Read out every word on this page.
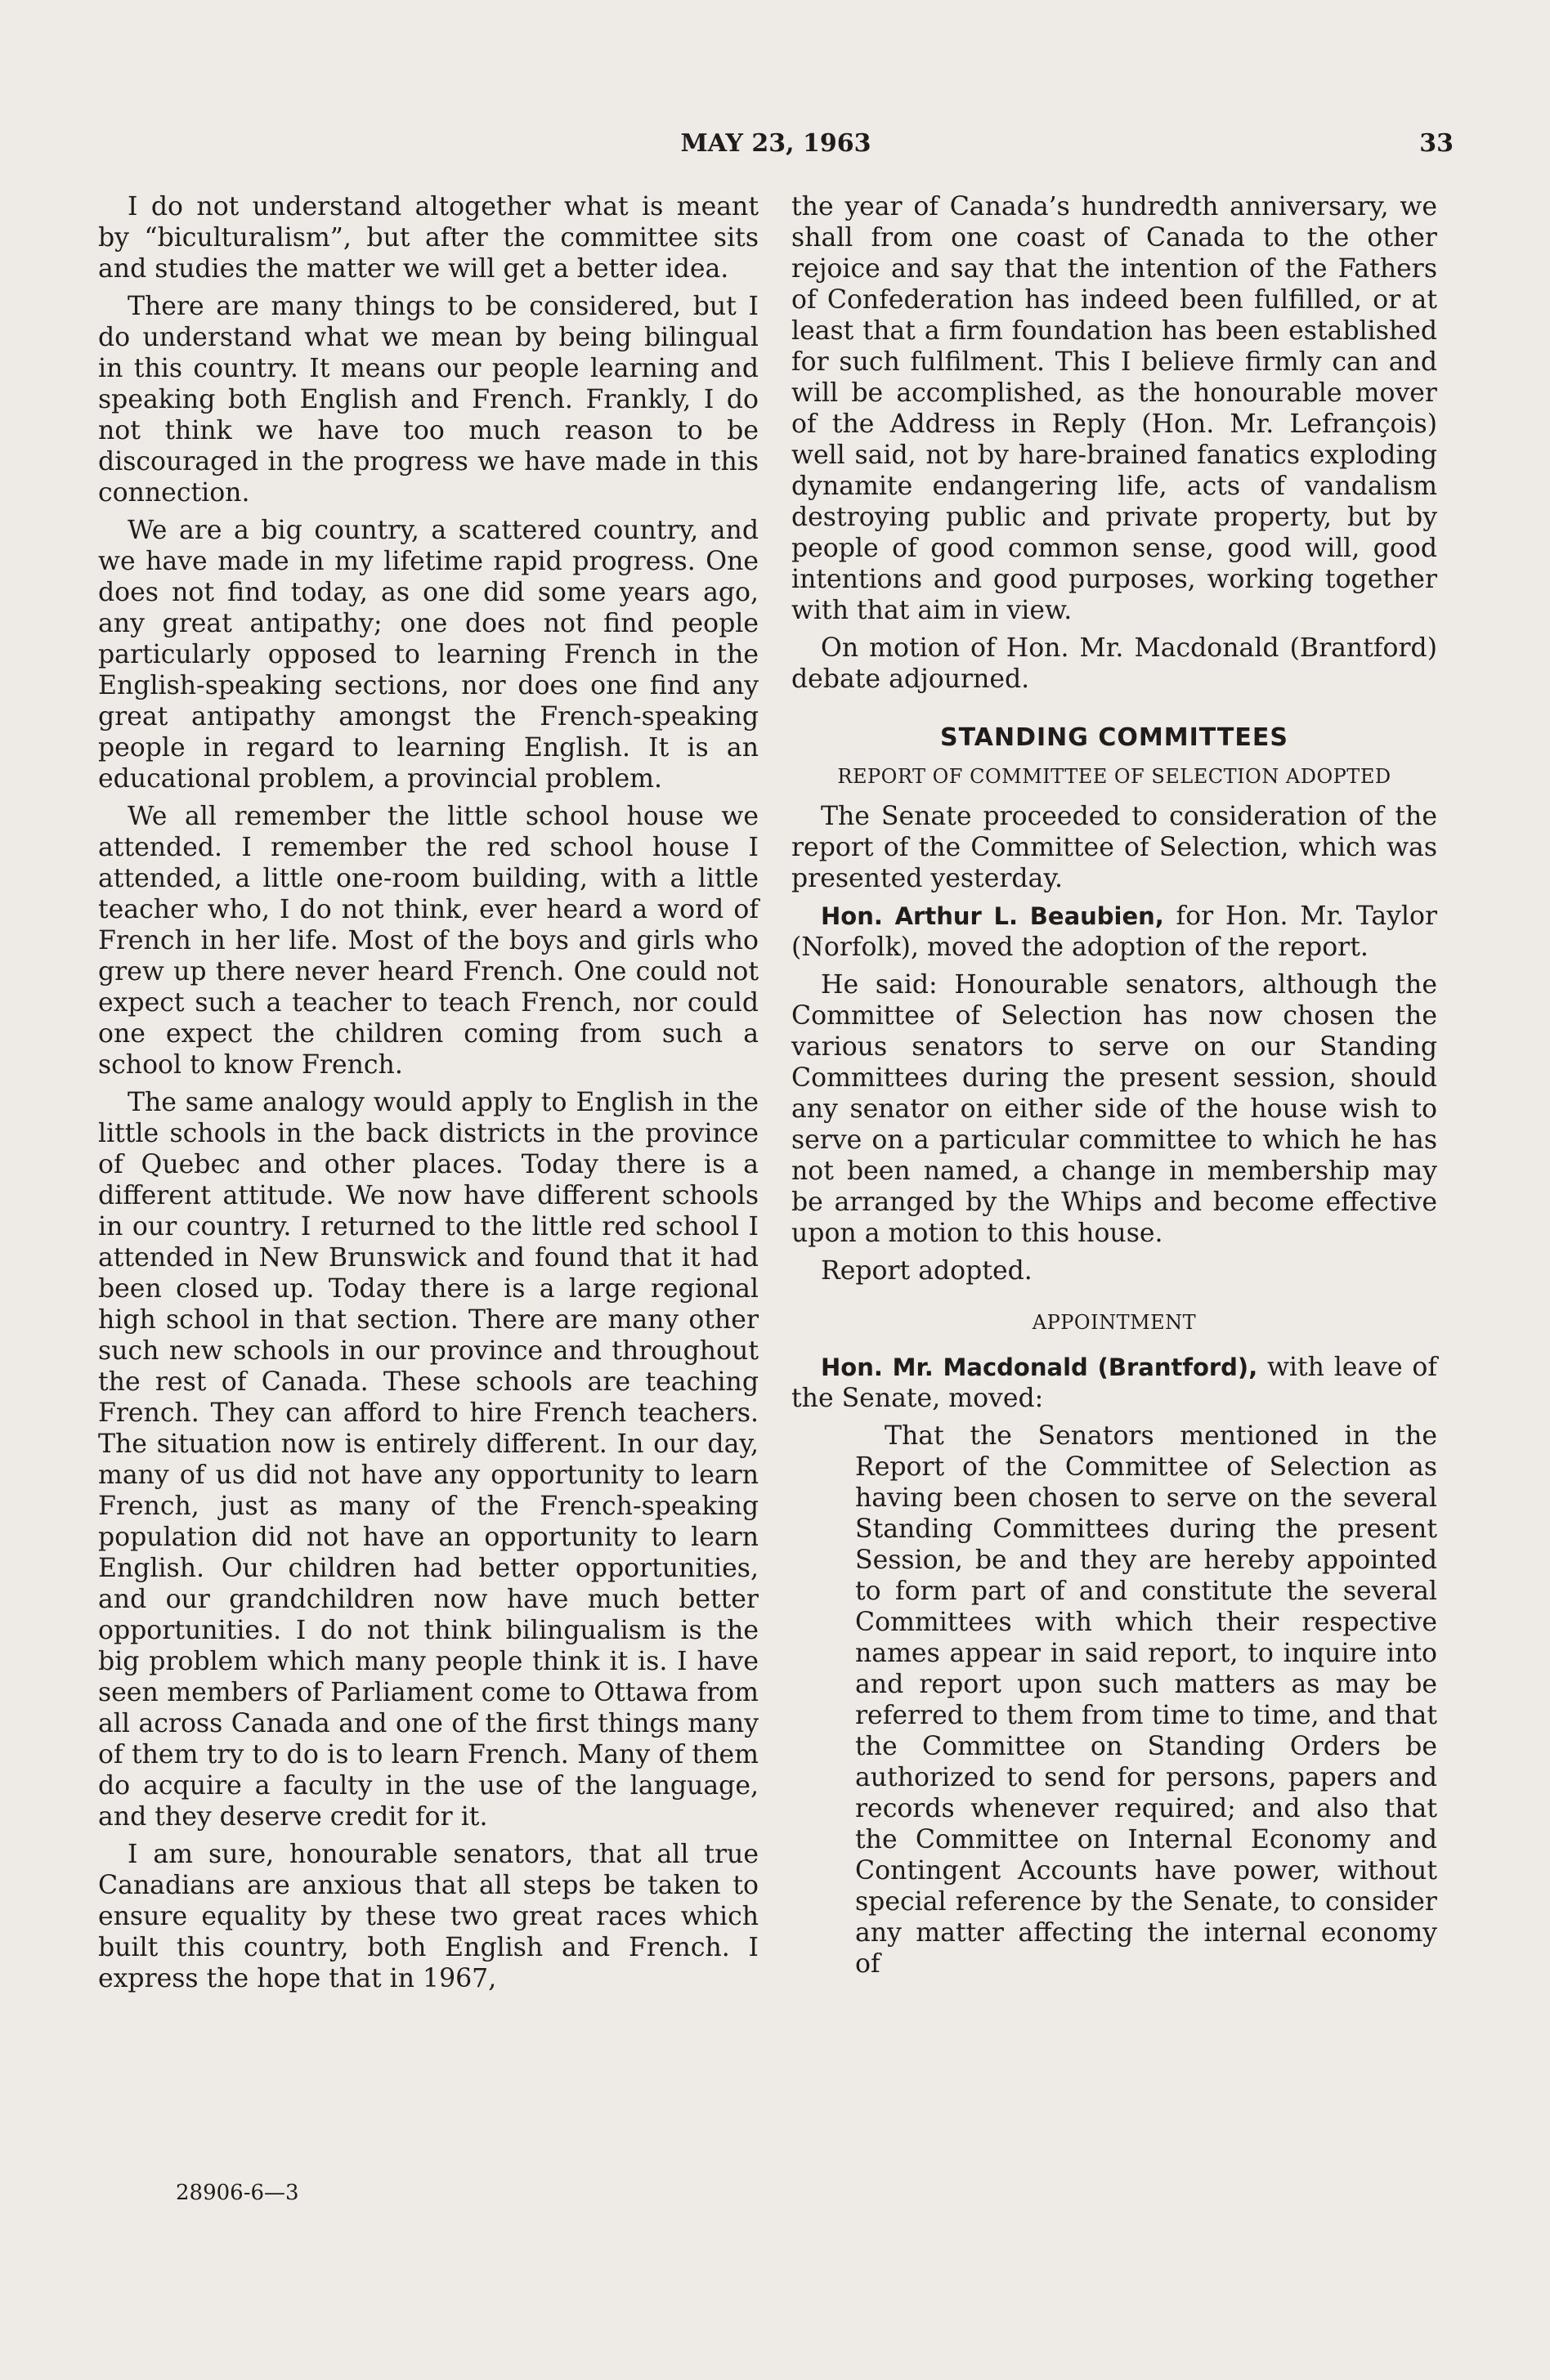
MAY 23, 1963	33

I do not understand altogether what is meant by “biculturalism”, but after the committee sits and studies the matter we will get a better idea.

There are many things to be considered, but I do understand what we mean by being bilingual in this country. It means our people learning and speaking both English and French. Frankly, I do not think we have too much reason to be discouraged in the progress we have made in this connection.

We are a big country, a scattered country, and we have made in my lifetime rapid progress. One does not find today, as one did some years ago, any great antipathy; one does not find people particularly opposed to learning French in the English-speaking sections, nor does one find any great antipathy amongst the French-speaking people in regard to learning English. It is an educational problem, a provincial problem.

We all remember the little school house we attended. I remember the red school house I attended, a little one-room building, with a little teacher who, I do not think, ever heard a word of French in her life. Most of the boys and girls who grew up there never heard French. One could not expect such a teacher to teach French, nor could one expect the children coming from such a school to know French.

The same analogy would apply to English in the little schools in the back districts in the province of Quebec and other places. Today there is a different attitude. We now have different schools in our country. I returned to the little red school I attended in New Brunswick and found that it had been closed up. Today there is a large regional high school in that section. There are many other such new schools in our province and throughout the rest of Canada. These schools are teaching French. They can afford to hire French teachers. The situation now is entirely different. In our day, many of us did not have any opportunity to learn French, just as many of the French-speaking population did not have an opportunity to learn English. Our children had better opportunities, and our grandchildren now have much better opportunities. I do not think bilingualism is the big problem which many people think it is. I have seen members of Parliament come to Ottawa from all across Canada and one of the first things many of them try to do is to learn French. Many of them do acquire a faculty in the use of the language, and they deserve credit for it.

I am sure, honourable senators, that all true Canadians are anxious that all steps be taken to ensure equality by these two great races which built this country, both English and French. I express the hope that in 1967,

the year of Canada’s hundredth anniversary, we shall from one coast of Canada to the other rejoice and say that the intention of the Fathers of Confederation has indeed been fulfilled, or at least that a firm foundation has been established for such fulfilment. This I believe firmly can and will be accomplished, as the honourable mover of the Address in Reply (Hon. Mr. Lefrançois) well said, not by hare-brained fanatics exploding dynamite endangering life, acts of vandalism destroying public and private property, but by people of good common sense, good will, good intentions and good purposes, working together with that aim in view.

On motion of Hon. Mr. Macdonald (Brantford) debate adjourned.

STANDING COMMITTEES
REPORT OF COMMITTEE OF SELECTION ADOPTED

The Senate proceeded to consideration of the report of the Committee of Selection, which was presented yesterday.

Hon. Arthur L. Beaubien, for Hon. Mr. Taylor (Norfolk), moved the adoption of the report.

He said: Honourable senators, although the Committee of Selection has now chosen the various senators to serve on our Standing Committees during the present session, should any senator on either side of the house wish to serve on a particular committee to which he has not been named, a change in membership may be arranged by the Whips and become effective upon a motion to this house.

Report adopted.

APPOINTMENT

Hon. Mr. Macdonald (Brantford), with leave of the Senate, moved:

That the Senators mentioned in the Report of the Committee of Selection as having been chosen to serve on the several Standing Committees during the present Session, be and they are hereby appointed to form part of and constitute the several Committees with which their respective names appear in said report, to inquire into and report upon such matters as may be referred to them from time to time, and that the Committee on Standing Orders be authorized to send for persons, papers and records whenever required; and also that the Committee on Internal Economy and Contingent Accounts have power, without special reference by the Senate, to consider any matter affecting the internal economy of
28906-6—3
